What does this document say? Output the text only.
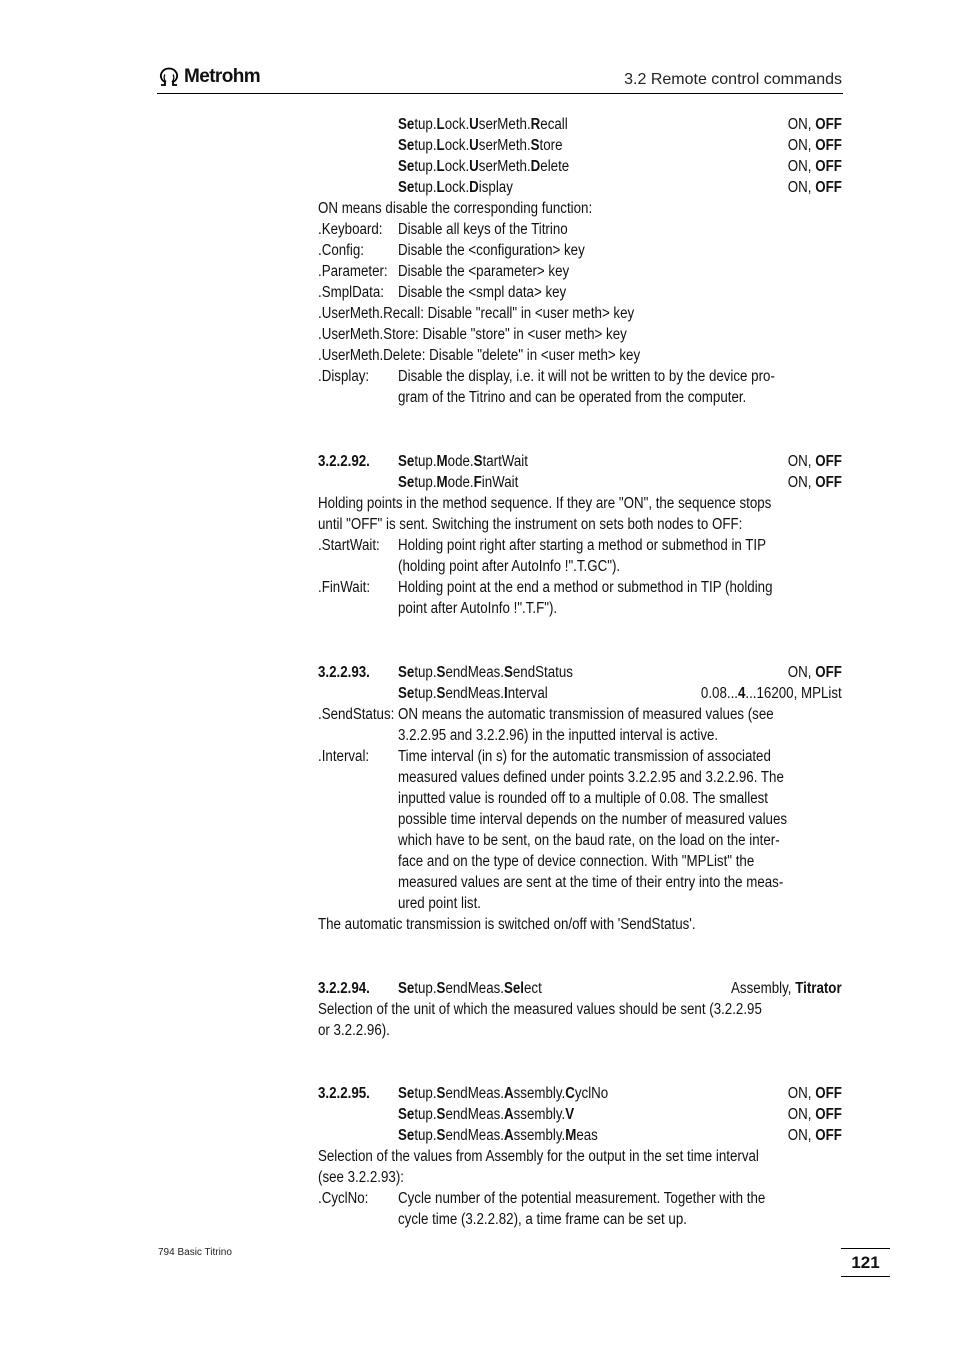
Metrohm	3.2 Remote control commands
Setup.Lock.UserMeth.Recall	ON, OFF
Setup.Lock.UserMeth.Store	ON, OFF
Setup.Lock.UserMeth.Delete	ON, OFF
Setup.Lock.Display	ON, OFF
ON means disable the corresponding function:
.Keyboard: Disable all keys of the Titrino
.Config: Disable the <configuration> key
.Parameter: Disable the <parameter> key
.SmplData: Disable the <smpl data> key
.UserMeth.Recall: Disable "recall" in <user meth> key
.UserMeth.Store: Disable "store" in <user meth> key
.UserMeth.Delete: Disable "delete" in <user meth> key
.Display: Disable the display, i.e. it will not be written to by the device pro-
gram of the Titrino and can be operated from the computer.
3.2.2.92. Setup.Mode.StartWait	ON, OFF
Setup.Mode.FinWait	ON, OFF
Holding points in the method sequence. If they are "ON", the sequence stops
until "OFF" is sent. Switching the instrument on sets both nodes to OFF:
.StartWait: Holding point right after starting a method or submethod in TIP
(holding point after AutoInfo !".T.GC").
.FinWait: Holding point at the end a method or submethod in TIP (holding
point after AutoInfo !".T.F").
3.2.2.93. Setup.SendMeas.SendStatus	ON, OFF
Setup.SendMeas.Interval	0.08...4...16200, MPList
.SendStatus: ON means the automatic transmission of measured values (see
3.2.2.95 and 3.2.2.96) in the inputted interval is active.
.Interval: Time interval (in s) for the automatic transmission of associated
measured values defined under points 3.2.2.95 and 3.2.2.96. The
inputted value is rounded off to a multiple of 0.08. The smallest
possible time interval depends on the number of measured values
which have to be sent, on the baud rate, on the load on the inter-
face and on the type of device connection. With "MPList" the
measured values are sent at the time of their entry into the meas-
ured point list.
The automatic transmission is switched on/off with 'SendStatus'.
3.2.2.94. Setup.SendMeas.Select	Assembly, Titrator
Selection of the unit of which the measured values should be sent (3.2.2.95
or 3.2.2.96).
3.2.2.95. Setup.SendMeas.Assembly.CyclNo	ON, OFF
Setup.SendMeas.Assembly.V	ON, OFF
Setup.SendMeas.Assembly.Meas	ON, OFF
Selection of the values from Assembly for the output in the set time interval
(see 3.2.2.93):
.CyclNo: Cycle number of the potential measurement. Together with the
cycle time (3.2.2.82), a time frame can be set up.
794 Basic Titrino	121
